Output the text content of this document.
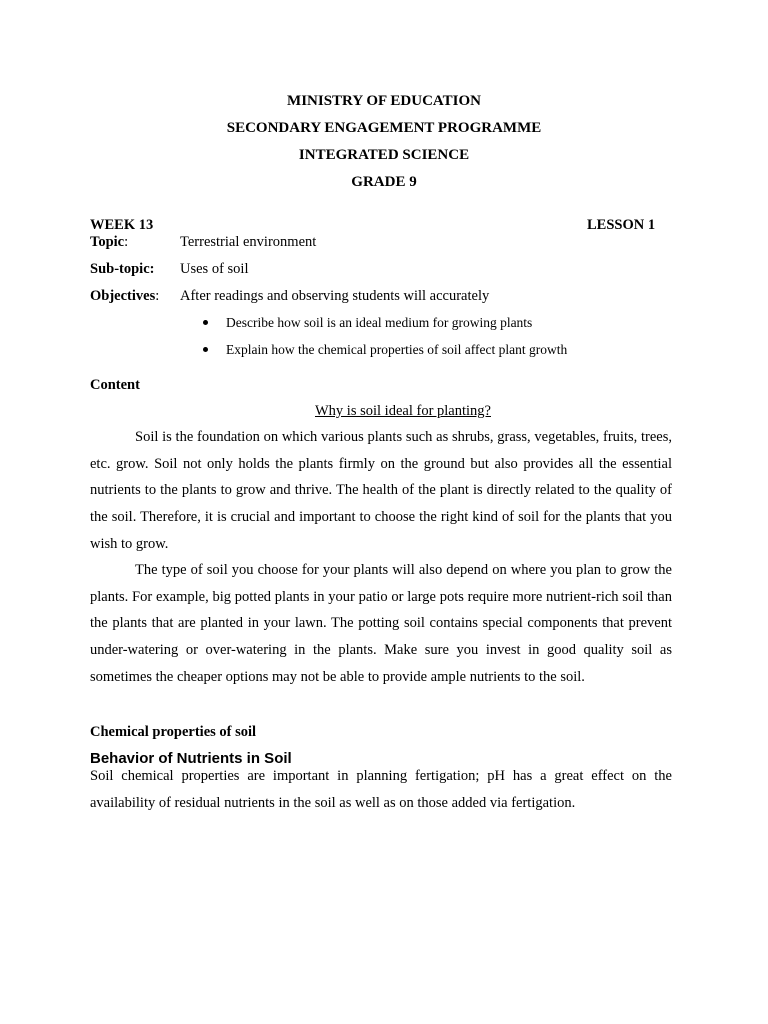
MINISTRY OF EDUCATION
SECONDARY ENGAGEMENT PROGRAMME
INTEGRATED SCIENCE
GRADE 9
WEEK 13	LESSON 1
Topic:	Terrestrial environment
Sub-topic: Uses of soil
Objectives: After readings and observing students will accurately
Describe how soil is an ideal medium for growing plants
Explain how the chemical properties of soil affect plant growth
Content
Why is soil ideal for planting?
Soil is the foundation on which various plants such as shrubs, grass, vegetables, fruits, trees, etc. grow. Soil not only holds the plants firmly on the ground but also provides all the essential nutrients to the plants to grow and thrive. The health of the plant is directly related to the quality of the soil. Therefore, it is crucial and important to choose the right kind of soil for the plants that you wish to grow.
The type of soil you choose for your plants will also depend on where you plan to grow the plants. For example, big potted plants in your patio or large pots require more nutrient-rich soil than the plants that are planted in your lawn. The potting soil contains special components that prevent under-watering or over-watering in the plants. Make sure you invest in good quality soil as sometimes the cheaper options may not be able to provide ample nutrients to the soil.
Chemical properties of soil
Behavior of Nutrients in Soil
Soil chemical properties are important in planning fertigation; pH has a great effect on the availability of residual nutrients in the soil as well as on those added via fertigation.
